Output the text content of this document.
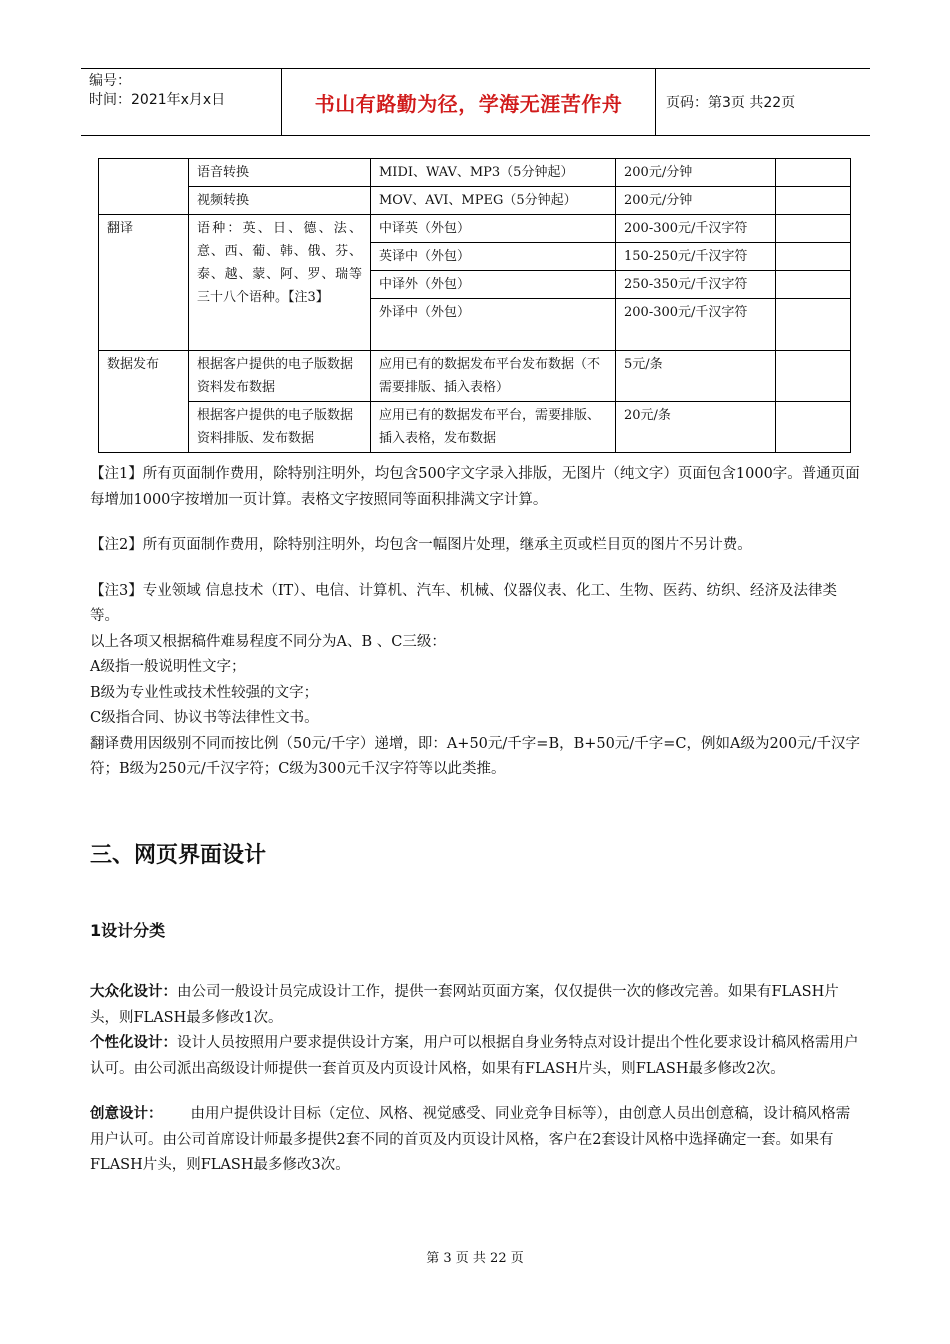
编号：
时间：2021年x月x日	书山有路勤为径，学海无涯苦作舟	页码：第3页 共22页
	语音转换	MIDI、WAV、MP3（5分钟起）	200元/分钟	
	视频转换	MOV、AVI、MPEG（5分钟起）	200元/分钟	
翻译	语种：英、日、德、法、意、西、葡、韩、俄、芬、泰、越、蒙、阿、罗、瑞等三十八个语种。【注3】	中译英（外包）	200-300元/千汉字符	
		英译中（外包）	150-250元/千汉字符	
		中译外（外包）	250-350元/千汉字符	
		外译中（外包）	200-300元/千汉字符	
数据发布	根据客户提供的电子版数据资料发布数据	应用已有的数据发布平台发布数据（不需要排版、插入表格）	5元/条	
	根据客户提供的电子版数据资料排版、发布数据	应用已有的数据发布平台，需要排版、插入表格，发布数据	20元/条	

【注1】所有页面制作费用，除特别注明外，均包含500字文字录入排版，无图片（纯文字）页面包含1000字。普通页面每增加1000字按增加一页计算。表格文字按照同等面积排满文字计算。

【注2】所有页面制作费用，除特别注明外，均包含一幅图片处理，继承主页或栏目页的图片不另计费。

【注3】专业领域 信息技术（IT）、电信、计算机、汽车、机械、仪器仪表、化工、生物、医药、纺织、经济及法律类等。

以上各项又根据稿件难易程度不同分为A、B 、C三级：

A级指一般说明性文字；

B级为专业性或技术性较强的文字；

C级指合同、协议书等法律性文书。

翻译费用因级别不同而按比例（50元/千字）递增，即：A+50元/千字=B，B+50元/千字=C，例如A级为200元/千汉字符；B级为250元/千汉字符；C级为300元千汉字符等以此类推。

三、网页界面设计
1设计分类

大众化设计：由公司一般设计员完成设计工作，提供一套网站页面方案，仅仅提供一次的修改完善。如果有FLASH片头，则FLASH最多修改1次。

个性化设计：设计人员按照用户要求提供设计方案，用户可以根据自身业务特点对设计提出个性化要求设计稿风格需用户认可。由公司派出高级设计师提供一套首页及内页设计风格，如果有FLASH片头，则FLASH最多修改2次。

创意设计： 由用户提供设计目标（定位、风格、视觉感受、同业竞争目标等），由创意人员出创意稿，设计稿风格需用户认可。由公司首席设计师最多提供2套不同的首页及内页设计风格，客户在2套设计风格中选择确定一套。如果有FLASH片头，则FLASH最多修改3次。

第 3 页 共 22 页
